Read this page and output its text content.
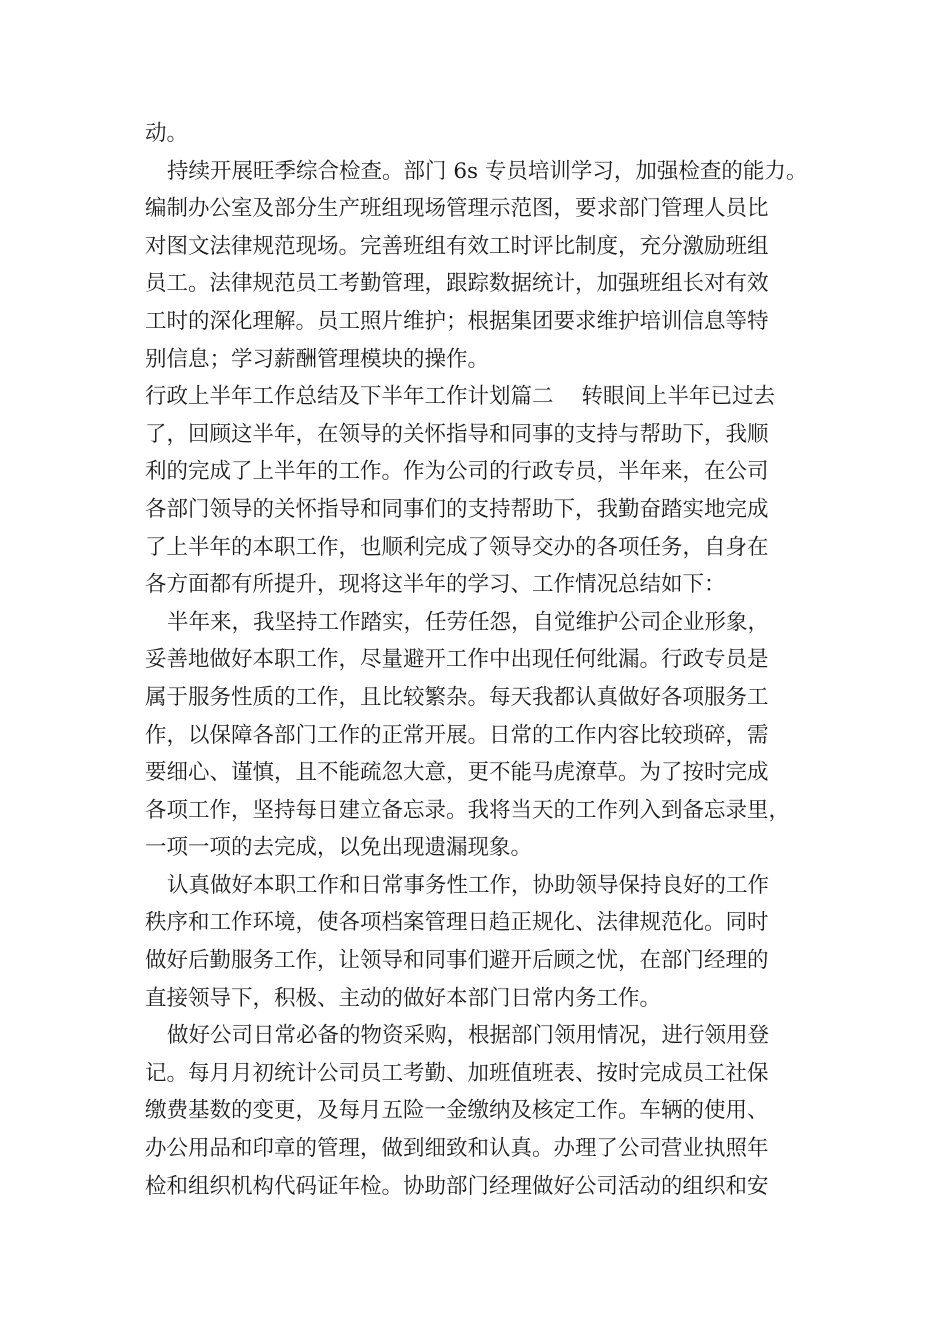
动。
持续开展旺季综合检查。部门 6s 专员培训学习，加强检查的能力。
编制办公室及部分生产班组现场管理示范图，要求部门管理人员比
对图文法律规范现场。完善班组有效工时评比制度，充分激励班组
员工。法律规范员工考勤管理，跟踪数据统计，加强班组长对有效
工时的深化理解。员工照片维护；根据集团要求维护培训信息等特
别信息；学习薪酬管理模块的操作。
行政上半年工作总结及下半年工作计划篇二 转眼间上半年已过去
了，回顾这半年，在领导的关怀指导和同事的支持与帮助下，我顺
利的完成了上半年的工作。作为公司的行政专员，半年来，在公司
各部门领导的关怀指导和同事们的支持帮助下，我勤奋踏实地完成
了上半年的本职工作，也顺利完成了领导交办的各项任务，自身在
各方面都有所提升，现将这半年的学习、工作情况总结如下：
半年来，我坚持工作踏实，任劳任怨，自觉维护公司企业形象，
妥善地做好本职工作，尽量避开工作中出现任何纰漏。行政专员是
属于服务性质的工作，且比较繁杂。每天我都认真做好各项服务工
作，以保障各部门工作的正常开展。日常的工作内容比较琐碎，需
要细心、谨慎，且不能疏忽大意，更不能马虎潦草。为了按时完成
各项工作，坚持每日建立备忘录。我将当天的工作列入到备忘录里，
一项一项的去完成，以免出现遗漏现象。
认真做好本职工作和日常事务性工作，协助领导保持良好的工作
秩序和工作环境，使各项档案管理日趋正规化、法律规范化。同时
做好后勤服务工作，让领导和同事们避开后顾之忧，在部门经理的
直接领导下，积极、主动的做好本部门日常内务工作。
做好公司日常必备的物资采购，根据部门领用情况，进行领用登
记。每月月初统计公司员工考勤、加班值班表、按时完成员工社保
缴费基数的变更，及每月五险一金缴纳及核定工作。车辆的使用、
办公用品和印章的管理，做到细致和认真。办理了公司营业执照年
检和组织机构代码证年检。协助部门经理做好公司活动的组织和安
